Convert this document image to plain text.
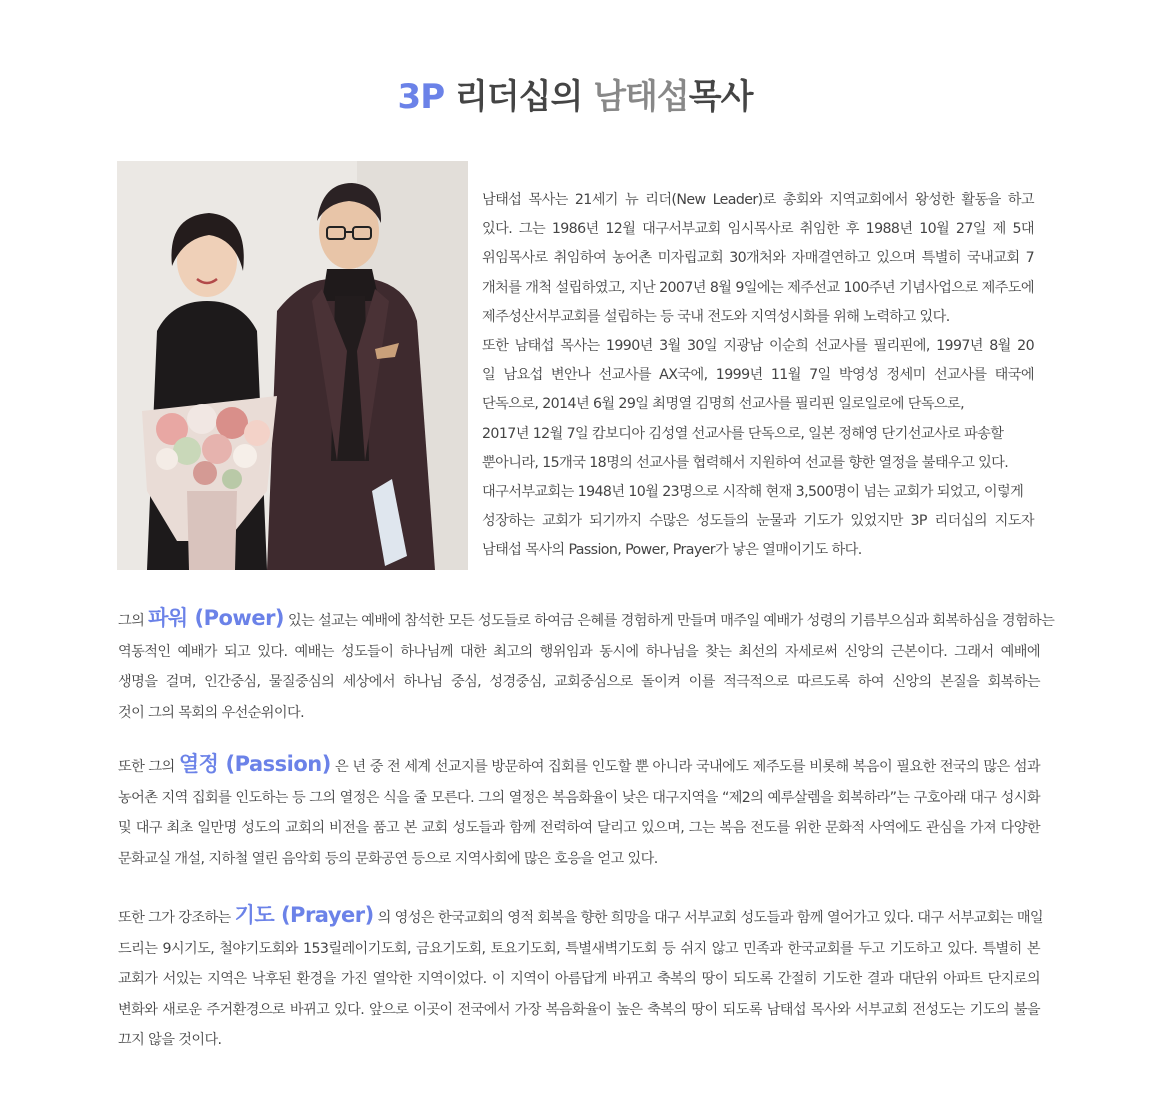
3P 리더십의 남태섭목사
남태섭 목사는 21세기 뉴 리더(New Leader)로 총회와 지역교회에서 왕성한 활동을 하고
있다. 그는 1986년 12월 대구서부교회 임시목사로 취임한 후 1988년 10월 27일 제 5대
위임목사로 취임하여 농어촌 미자립교회 30개처와 자매결연하고 있으며 특별히 국내교회 7
개처를 개척 설립하였고, 지난 2007년 8월 9일에는 제주선교 100주년 기념사업으로 제주도에
제주성산서부교회를 설립하는 등 국내 전도와 지역성시화를 위해 노력하고 있다.
또한 남태섭 목사는 1990년 3월 30일 지광남 이순희 선교사를 필리핀에, 1997년 8월 20
일 남요섭 변안나 선교사를 AX국에, 1999년 11월 7일 박영성 정세미 선교사를 태국에
단독으로, 2014년 6월 29일 최명열 김명희 선교사를 필리핀 일로일로에 단독으로,
2017년 12월 7일 캄보디아 김성열 선교사를 단독으로, 일본 정해영 단기선교사로 파송할
뿐아니라, 15개국 18명의 선교사를 협력해서 지원하여 선교를 향한 열정을 불태우고 있다.
대구서부교회는 1948년 10월 23명으로 시작해 현재 3,500명이 넘는 교회가 되었고, 이렇게
성장하는 교회가 되기까지 수많은 성도들의 눈물과 기도가 있었지만 3P 리더십의 지도자
남태섭 목사의 Passion, Power, Prayer가 낳은 열매이기도 하다.
그의 파워 (Power) 있는 설교는 예배에 참석한 모든 성도들로 하여금 은혜를 경험하게 만들며 매주일 예배가 성령의 기름부으심과 회복하심을 경험하는
역동적인 예배가 되고 있다. 예배는 성도들이 하나님께 대한 최고의 행위임과 동시에 하나님을 찾는 최선의 자세로써 신앙의 근본이다. 그래서 예배에
생명을 걸며, 인간중심, 물질중심의 세상에서 하나님 중심, 성경중심, 교회중심으로 돌이켜 이를 적극적으로 따르도록 하여 신앙의 본질을 회복하는
것이 그의 목회의 우선순위이다.
또한 그의 열정 (Passion) 은 년 중 전 세계 선교지를 방문하여 집회를 인도할 뿐 아니라 국내에도 제주도를 비롯해 복음이 필요한 전국의 많은 섬과
농어촌 지역 집회를 인도하는 등 그의 열정은 식을 줄 모른다. 그의 열정은 복음화율이 낮은 대구지역을 “제2의 예루살렘을 회복하라”는 구호아래 대구 성시화
및 대구 최초 일만명 성도의 교회의 비전을 품고 본 교회 성도들과 함께 전력하여 달리고 있으며, 그는 복음 전도를 위한 문화적 사역에도 관심을 가져 다양한
문화교실 개설, 지하철 열린 음악회 등의 문화공연 등으로 지역사회에 많은 호응을 얻고 있다.
또한 그가 강조하는 기도 (Prayer) 의 영성은 한국교회의 영적 회복을 향한 희망을 대구 서부교회 성도들과 함께 열어가고 있다. 대구 서부교회는 매일
드리는 9시기도, 철야기도회와 153릴레이기도회, 금요기도회, 토요기도회, 특별새벽기도회 등 쉬지 않고 민족과 한국교회를 두고 기도하고 있다. 특별히 본
교회가 서있는 지역은 낙후된 환경을 가진 열악한 지역이었다. 이 지역이 아름답게 바뀌고 축복의 땅이 되도록 간절히 기도한 결과 대단위 아파트 단지로의
변화와 새로운 주거환경으로 바뀌고 있다. 앞으로 이곳이 전국에서 가장 복음화율이 높은 축복의 땅이 되도록 남태섭 목사와 서부교회 전성도는 기도의 불을
끄지 않을 것이다.
